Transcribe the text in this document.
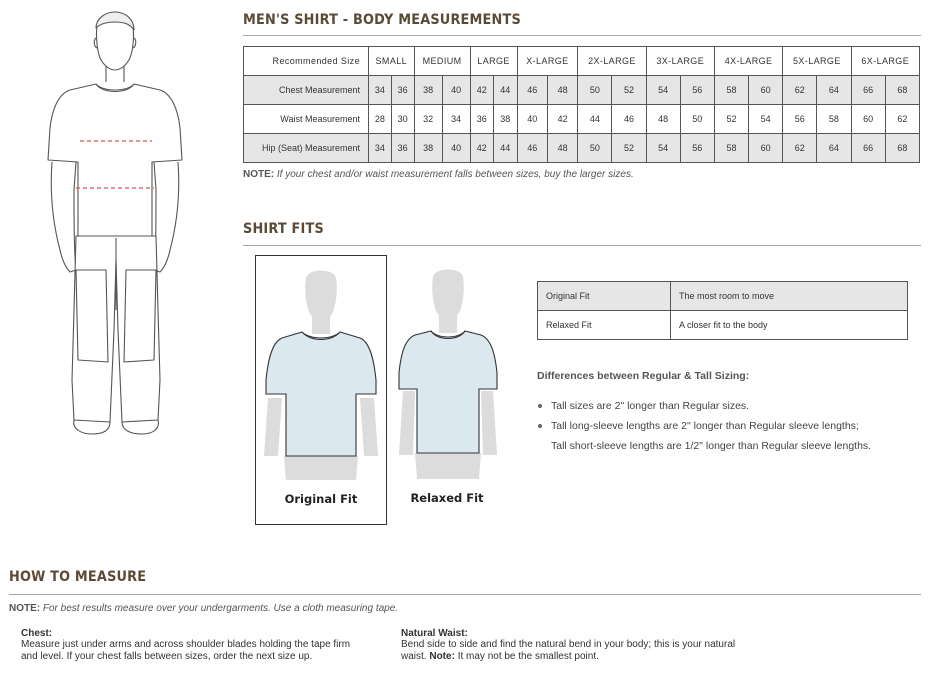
MEN'S SHIRT - BODY MEASUREMENTS
Recommended Size	SMALL		MEDIUM		LARGE		X-LARGE		2X-LARGE		3X-LARGE		4X-LARGE		5X-LARGE		6X-LARGE	
Chest Measurement	34	36	38	40	42	44	46	48	50	52	54	56	58	60	62	64	66	68
Waist Measurement	28	30	32	34	36	38	40	42	44	46	48	50	52	54	56	58	60	62
Hip (Seat) Measurement	34	36	38	40	42	44	46	48	50	52	54	56	58	60	62	64	66	68
NOTE: If your chest and/or waist measurement falls between sizes, buy the larger sizes.
SHIRT FITS
Original Fit	Relaxed Fit
Original Fit	The most room to move
Relaxed Fit	A closer fit to the body
Differences between Regular & Tall Sizing:
Tall sizes are 2" longer than Regular sizes.
Tall long-sleeve lengths are 2" longer than Regular sleeve lengths;
Tall short-sleeve lengths are 1/2" longer than Regular sleeve lengths.
HOW TO MEASURE
NOTE: For best results measure over your undergarments. Use a cloth measuring tape.
Chest:
Measure just under arms and across shoulder blades holding the tape firm
and level. If your chest falls between sizes, order the next size up.
Natural Waist:
Bend side to side and find the natural bend in your body; this is your natural
waist. Note: It may not be the smallest point.
